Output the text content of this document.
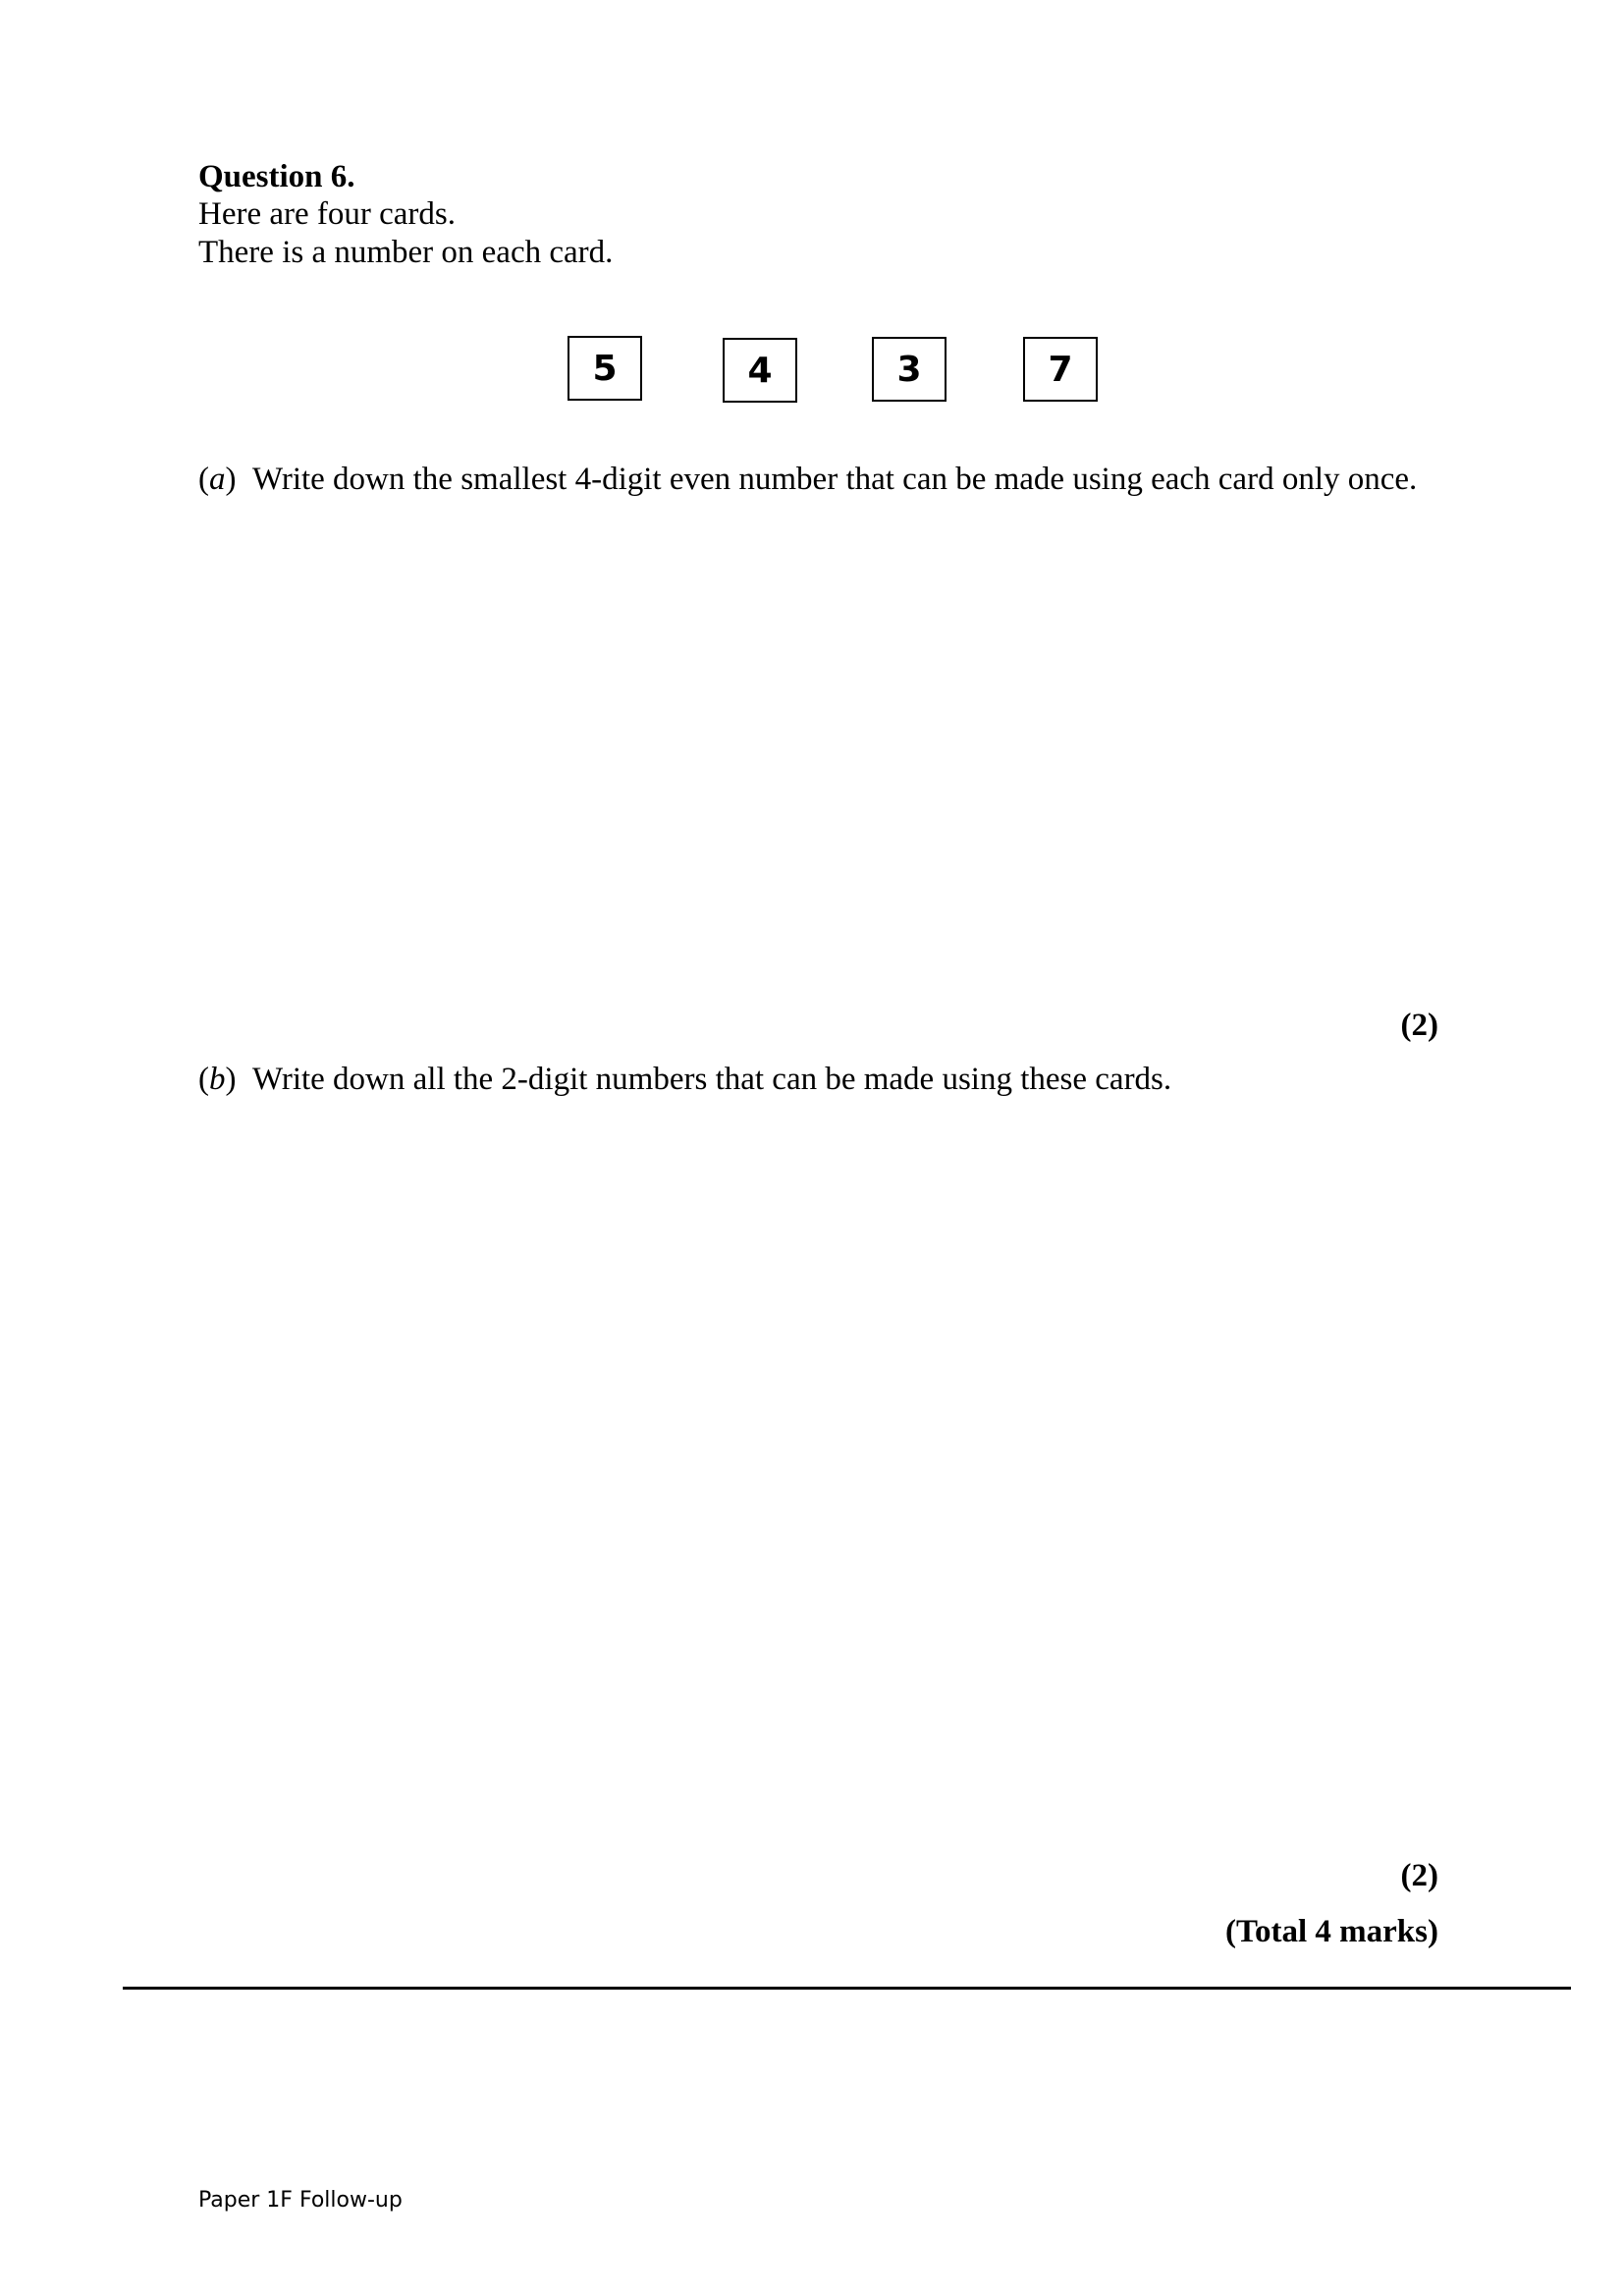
Question 6.
Here are four cards.
There is a number on each card.
5	4	3	7
(a) Write down the smallest 4-digit even number that can be made using each card only once.
(2)
(b) Write down all the 2-digit numbers that can be made using these cards.
(2)
(Total 4 marks)
Paper 1F Follow-up
